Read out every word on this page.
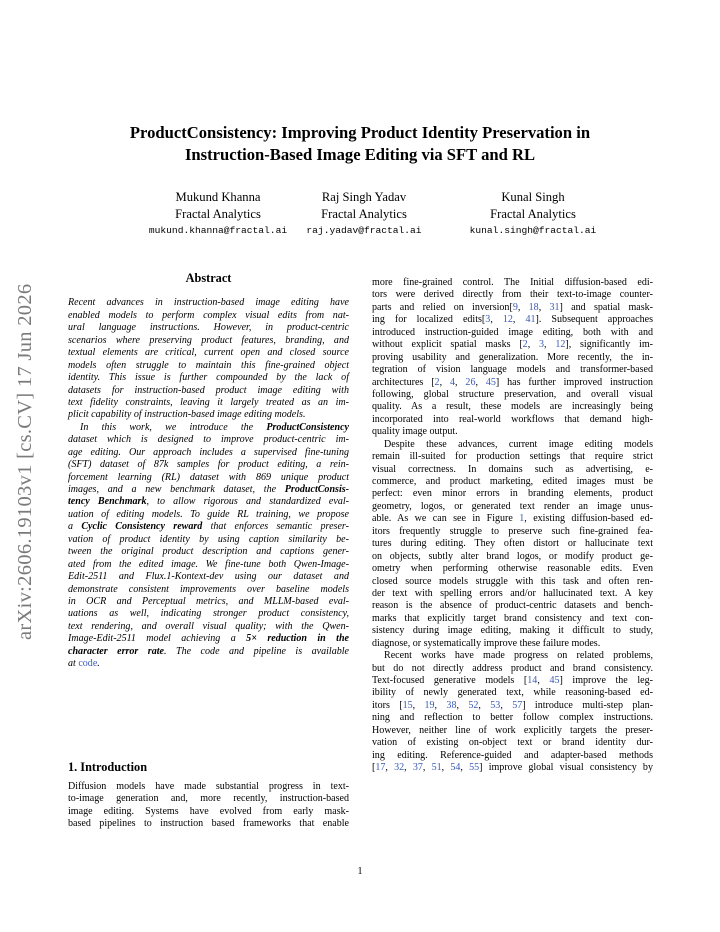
ProductConsistency: Improving Product Identity Preservation in
Instruction-Based Image Editing via SFT and RL
Mukund Khanna
Fractal Analytics
mukund.khanna@fractal.ai
Raj Singh Yadav
Fractal Analytics
raj.yadav@fractal.ai
Kunal Singh
Fractal Analytics
kunal.singh@fractal.ai
arXiv:2606.19103v1 [cs.CV] 17 Jun 2026
Abstract
Recent advances in instruction-based image editing have
enabled models to perform complex visual edits from nat-
ural language instructions. However, in product-centric
scenarios where preserving product features, branding, and
textual elements are critical, current open and closed source
models often struggle to maintain this fine-grained object
identity. This issue is further compounded by the lack of
datasets for instruction-based product image editing with
text fidelity constraints, leaving it largely treated as an im-
plicit capability of instruction-based image editing models.
In this work, we introduce the ProductConsistency
dataset which is designed to improve product-centric im-
age editing. Our approach includes a supervised fine-tuning
(SFT) dataset of 87k samples for product editing, a rein-
forcement learning (RL) dataset with 869 unique product
images, and a new benchmark dataset, the ProductConsis-
tency Benchmark, to allow rigorous and standardized eval-
uation of editing models. To guide RL training, we propose
a Cyclic Consistency reward that enforces semantic preser-
vation of product identity by using caption similarity be-
tween the original product description and captions gener-
ated from the edited image. We fine-tune both Qwen-Image-
Edit-2511 and Flux.1-Kontext-dev using our dataset and
demonstrate consistent improvements over baseline models
in OCR and Perceptual metrics, and MLLM-based eval-
uations as well, indicating stronger product consistency,
text rendering, and overall visual quality; with the Qwen-
Image-Edit-2511 model achieving a 5× reduction in the
character error rate. The code and pipeline is available
at code.
1. Introduction
Diffusion models have made substantial progress in text-
to-image generation and, more recently, instruction-based
image editing. Systems have evolved from early mask-
based pipelines to instruction based frameworks that enable
more fine-grained control. The Initial diffusion-based edi-
tors were derived directly from their text-to-image counter-
parts and relied on inversion[9, 18, 31] and spatial mask-
ing for localized edits[3, 12, 41]. Subsequent approaches
introduced instruction-guided image editing, both with and
without explicit spatial masks [2, 3, 12], significantly im-
proving usability and generalization. More recently, the in-
tegration of vision language models and transformer-based
architectures [2, 4, 26, 45] has further improved instruction
following, global structure preservation, and overall visual
quality. As a result, these models are increasingly being
incorporated into real-world workflows that demand high-
quality image output.
Despite these advances, current image editing models
remain ill-suited for production settings that require strict
visual correctness. In domains such as advertising, e-
commerce, and product marketing, edited images must be
perfect: even minor errors in branding elements, product
geometry, logos, or generated text render an image unus-
able. As we can see in Figure 1, existing diffusion-based ed-
itors frequently struggle to preserve such fine-grained fea-
tures during editing. They often distort or hallucinate text
on objects, subtly alter brand logos, or modify product ge-
ometry when performing otherwise reasonable edits. Even
closed source models struggle with this task and often ren-
der text with spelling errors and/or hallucinated text. A key
reason is the absence of product-centric datasets and bench-
marks that explicitly target brand consistency and text con-
sistency during image editing, making it difficult to study,
diagnose, or systematically improve these failure modes.
Recent works have made progress on related problems,
but do not directly address product and brand consistency.
Text-focused generative models [14, 45] improve the leg-
ibility of newly generated text, while reasoning-based ed-
itors [15, 19, 38, 52, 53, 57] introduce multi-step plan-
ning and reflection to better follow complex instructions.
However, neither line of work explicitly targets the preser-
vation of existing on-object text or brand identity dur-
ing editing. Reference-guided and adapter-based methods
[17, 32, 37, 51, 54, 55] improve global visual consistency by
1
